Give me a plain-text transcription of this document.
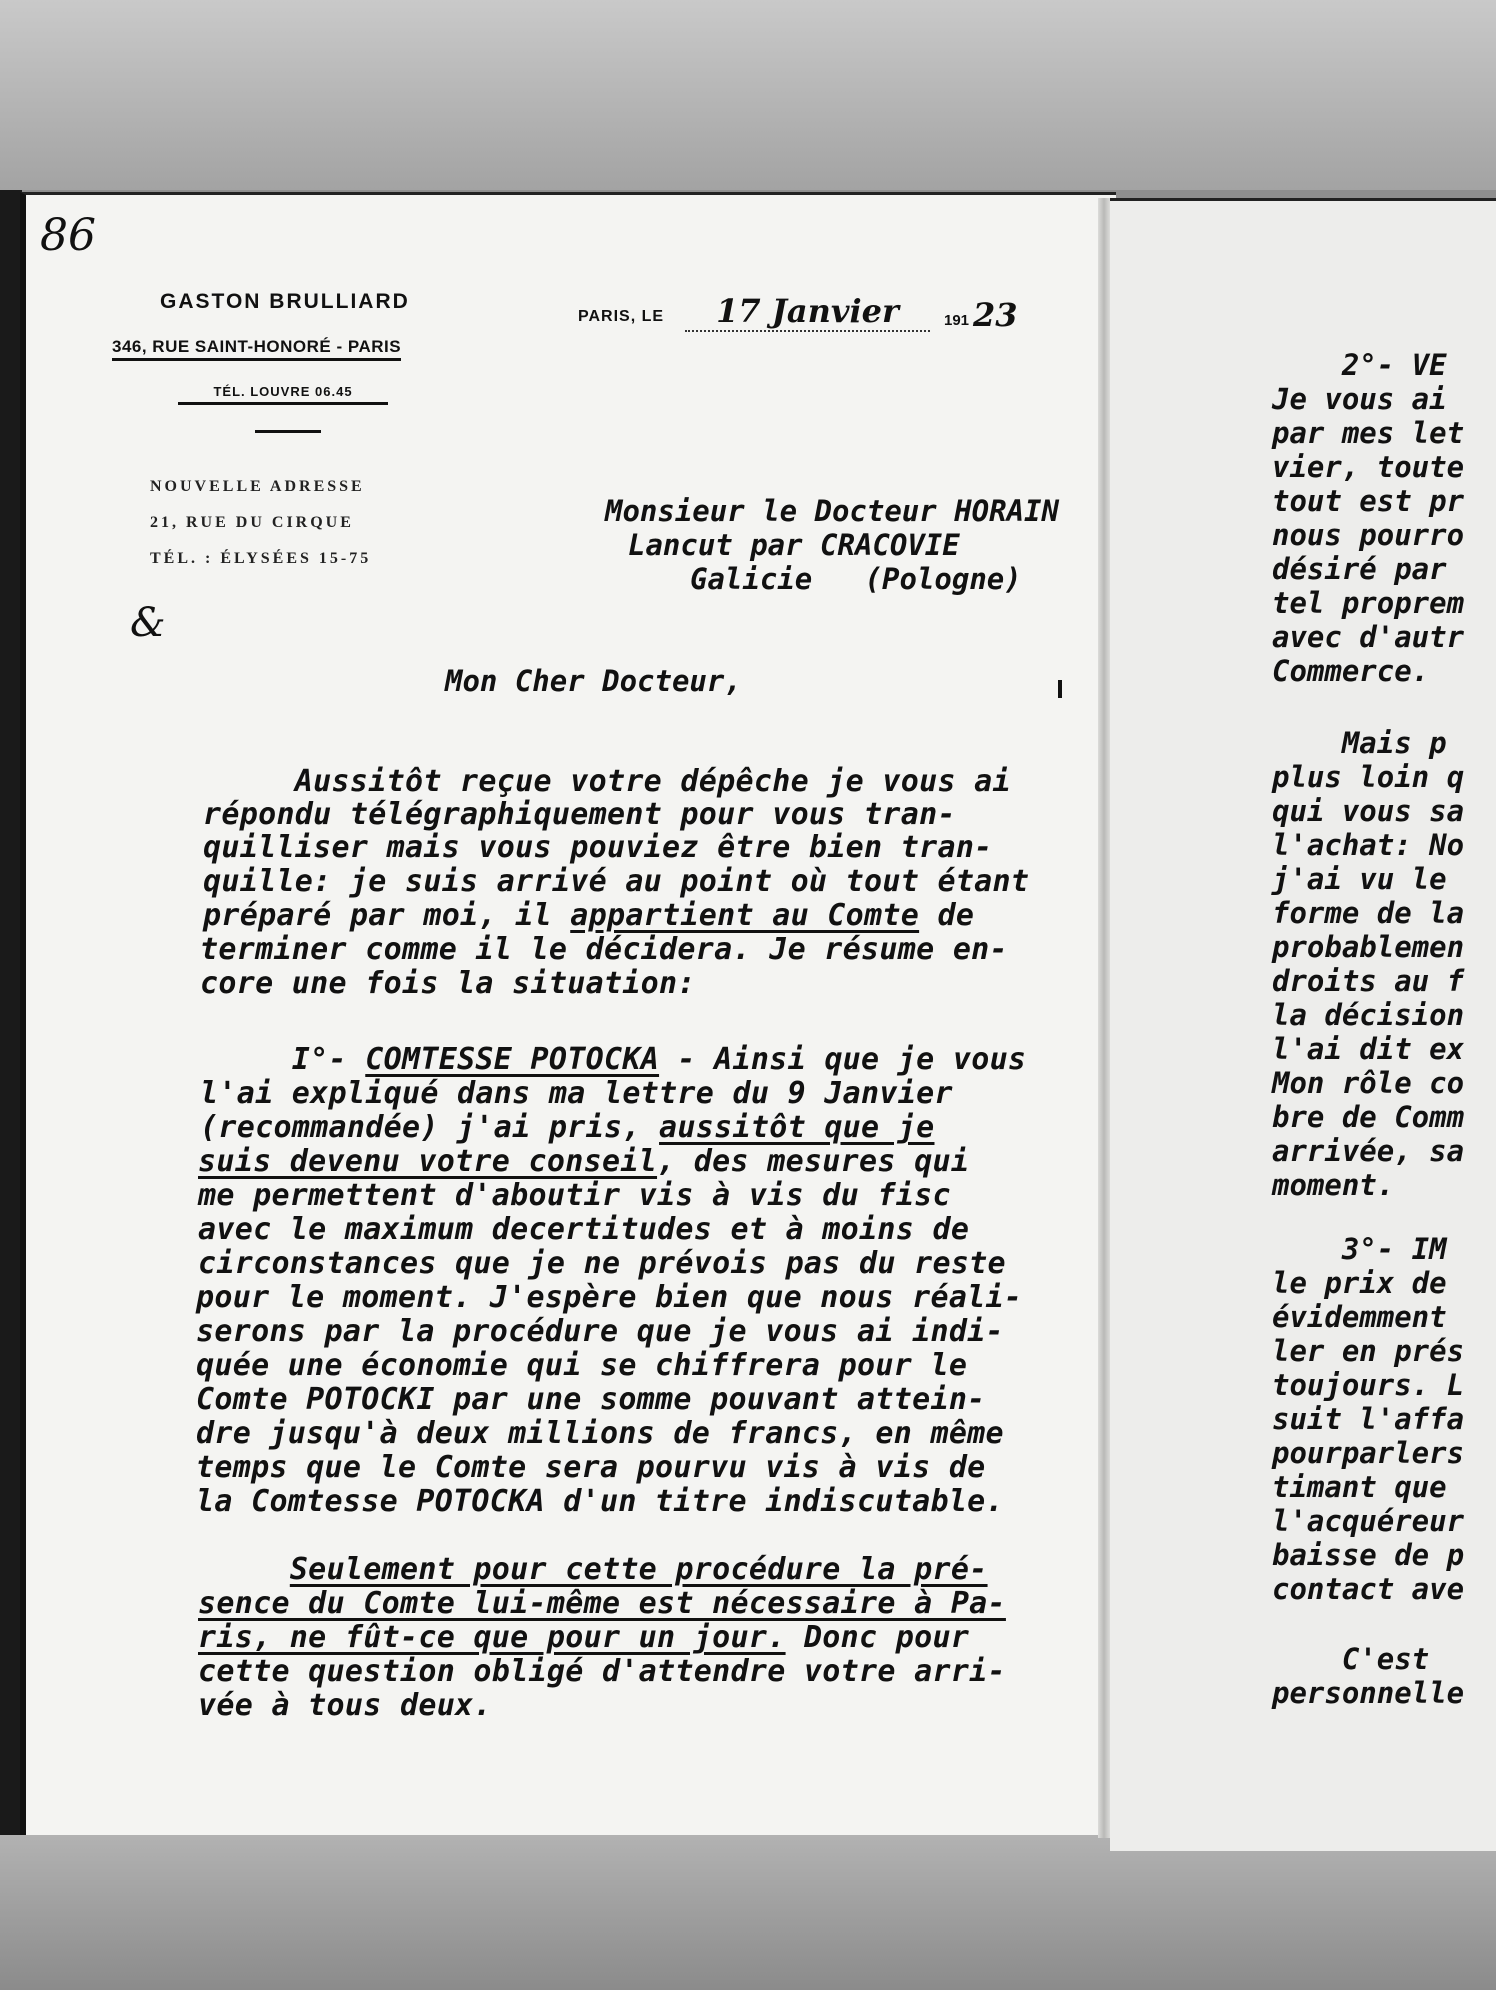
86
GASTON BRULLIARD
346, RUE SAINT-HONORÉ - PARIS
TÉL. LOUVRE 06.45
NOUVELLE ADRESSE
21, RUE DU CIRQUE
TÉL. : ÉLYSÉES 15-75
&
PARIS, LE	17 Janvier	191 23
Monsieur le Docteur HORAIN
Lancut par CRACOVIE
Galicie   (Pologne)
Mon Cher Docteur,
Aussitôt reçue votre dépêche je vous ai
répondu télégraphiquement pour vous tran-
quilliser mais vous pouviez être bien tran-
quille: je suis arrivé au point où tout étant
préparé par moi, il appartient au Comte de
terminer comme il le décidera. Je résume en-
core une fois la situation:
I°- COMTESSE POTOCKA - Ainsi que je vous
l'ai expliqué dans ma lettre du 9 Janvier
(recommandée) j'ai pris, aussitôt que je
suis devenu votre conseil, des mesures qui
me permettent d'aboutir vis à vis du fisc
avec le maximum decertitudes et à moins de
circonstances que je ne prévois pas du reste
pour le moment. J'espère bien que nous réali-
serons par la procédure que je vous ai indi-
quée une économie qui se chiffrera pour le
Comte POTOCKI par une somme pouvant attein-
dre jusqu'à deux millions de francs, en même
temps que le Comte sera pourvu vis à vis de
la Comtesse POTOCKA d'un titre indiscutable.
Seulement pour cette procédure la pré-
sence du Comte lui-même est nécessaire à Pa-
ris, ne fût-ce que pour un jour. Donc pour
cette question obligé d'attendre votre arri-
vée à tous deux.
2°- VE
Je vous ai
par mes let
vier, toute
tout est pr
nous pourro
désiré par
tel proprem
avec d'autr
Commerce.
Mais p
plus loin q
qui vous sa
l'achat: No
j'ai vu le
forme de la
probablemen
droits au f
la décision
l'ai dit ex
Mon rôle co
bre de Comm
arrivée, sa
moment.
3°- IM
le prix de
évidemment
ler en prés
toujours. L
suit l'affa
pourparlers
timant que
l'acquéreur
baisse de p
contact ave
C'est
personnelle
